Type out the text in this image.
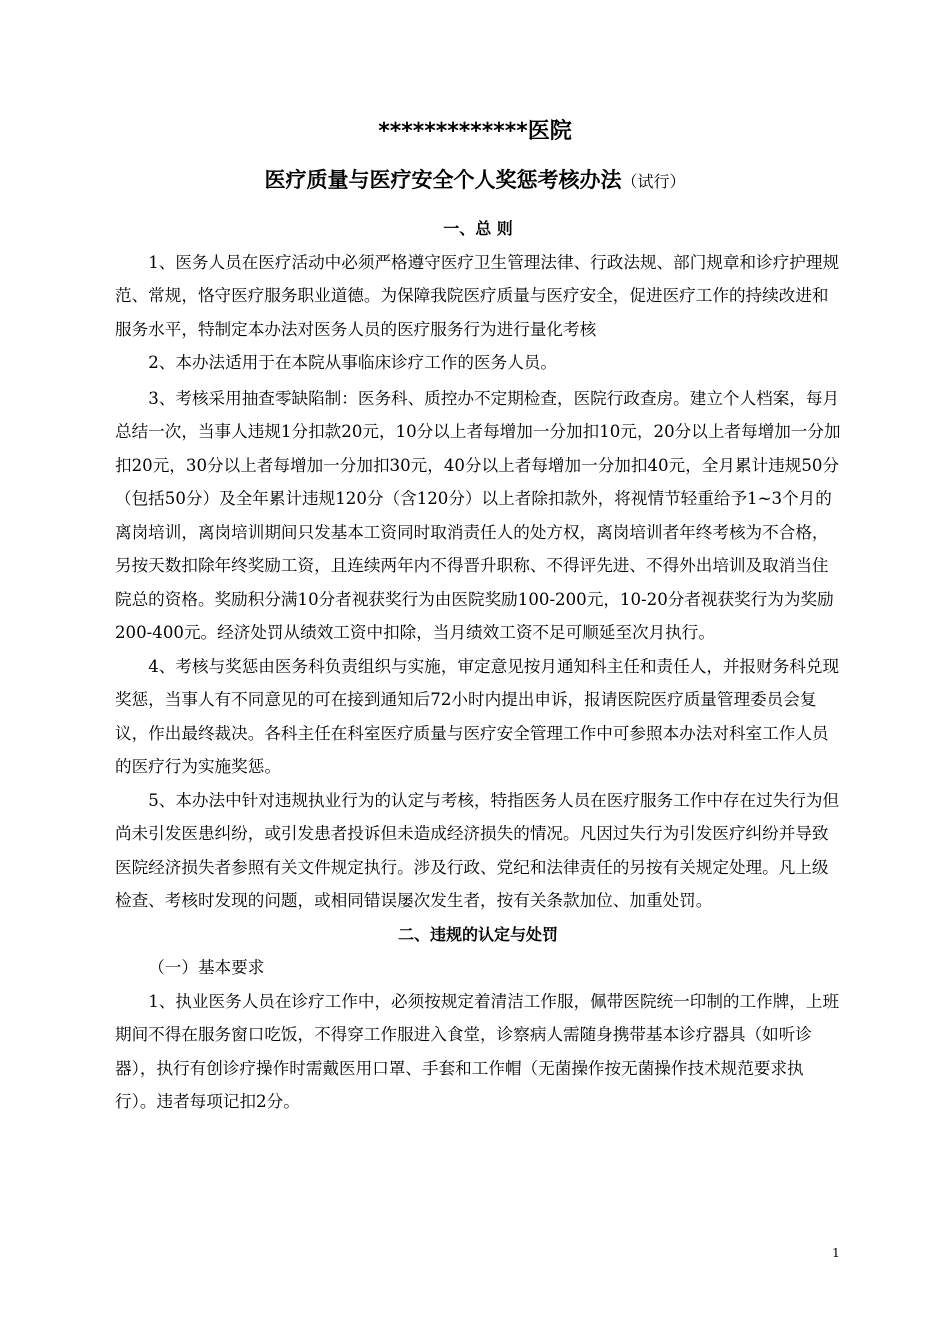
*************医院
医疗质量与医疗安全个人奖惩考核办法（试行）
一、总 则

1、医务人员在医疗活动中必须严格遵守医疗卫生管理法律、行政法规、部门规章和诊疗护理规范、常规，恪守医疗服务职业道德。为保障我院医疗质量与医疗安全，促进医疗工作的持续改进和服务水平，特制定本办法对医务人员的医疗服务行为进行量化考核

2、本办法适用于在本院从事临床诊疗工作的医务人员。

3、考核采用抽查零缺陷制：医务科、质控办不定期检查，医院行政查房。建立个人档案，每月总结一次，当事人违规1分扣款20元，10分以上者每增加一分加扣10元，20分以上者每增加一分加扣20元，30分以上者每增加一分加扣30元，40分以上者每增加一分加扣40元，全月累计违规50分（包括50分）及全年累计违规120分（含120分）以上者除扣款外，将视情节轻重给予1~3个月的离岗培训，离岗培训期间只发基本工资同时取消责任人的处方权，离岗培训者年终考核为不合格，另按天数扣除年终奖励工资，且连续两年内不得晋升职称、不得评先进、不得外出培训及取消当住院总的资格。奖励积分满10分者视获奖行为由医院奖励100-200元，10-20分者视获奖行为为奖励200-400元。经济处罚从绩效工资中扣除，当月绩效工资不足可顺延至次月执行。

4、考核与奖惩由医务科负责组织与实施，审定意见按月通知科主任和责任人，并报财务科兑现奖惩，当事人有不同意见的可在接到通知后72小时内提出申诉，报请医院医疗质量管理委员会复议，作出最终裁决。各科主任在科室医疗质量与医疗安全管理工作中可参照本办法对科室工作人员的医疗行为实施奖惩。

5、本办法中针对违规执业行为的认定与考核，特指医务人员在医疗服务工作中存在过失行为但尚未引发医患纠纷，或引发患者投诉但未造成经济损失的情况。凡因过失行为引发医疗纠纷并导致医院经济损失者参照有关文件规定执行。涉及行政、党纪和法律责任的另按有关规定处理。凡上级检查、考核时发现的问题，或相同错误屡次发生者，按有关条款加位、加重处罚。

二、违规的认定与处罚
（一）基本要求

1、执业医务人员在诊疗工作中，必须按规定着清洁工作服，佩带医院统一印制的工作牌，上班期间不得在服务窗口吃饭，不得穿工作服进入食堂，诊察病人需随身携带基本诊疗器具（如听诊器），执行有创诊疗操作时需戴医用口罩、手套和工作帽（无菌操作按无菌操作技术规范要求执行）。违者每项记扣2分。

1
